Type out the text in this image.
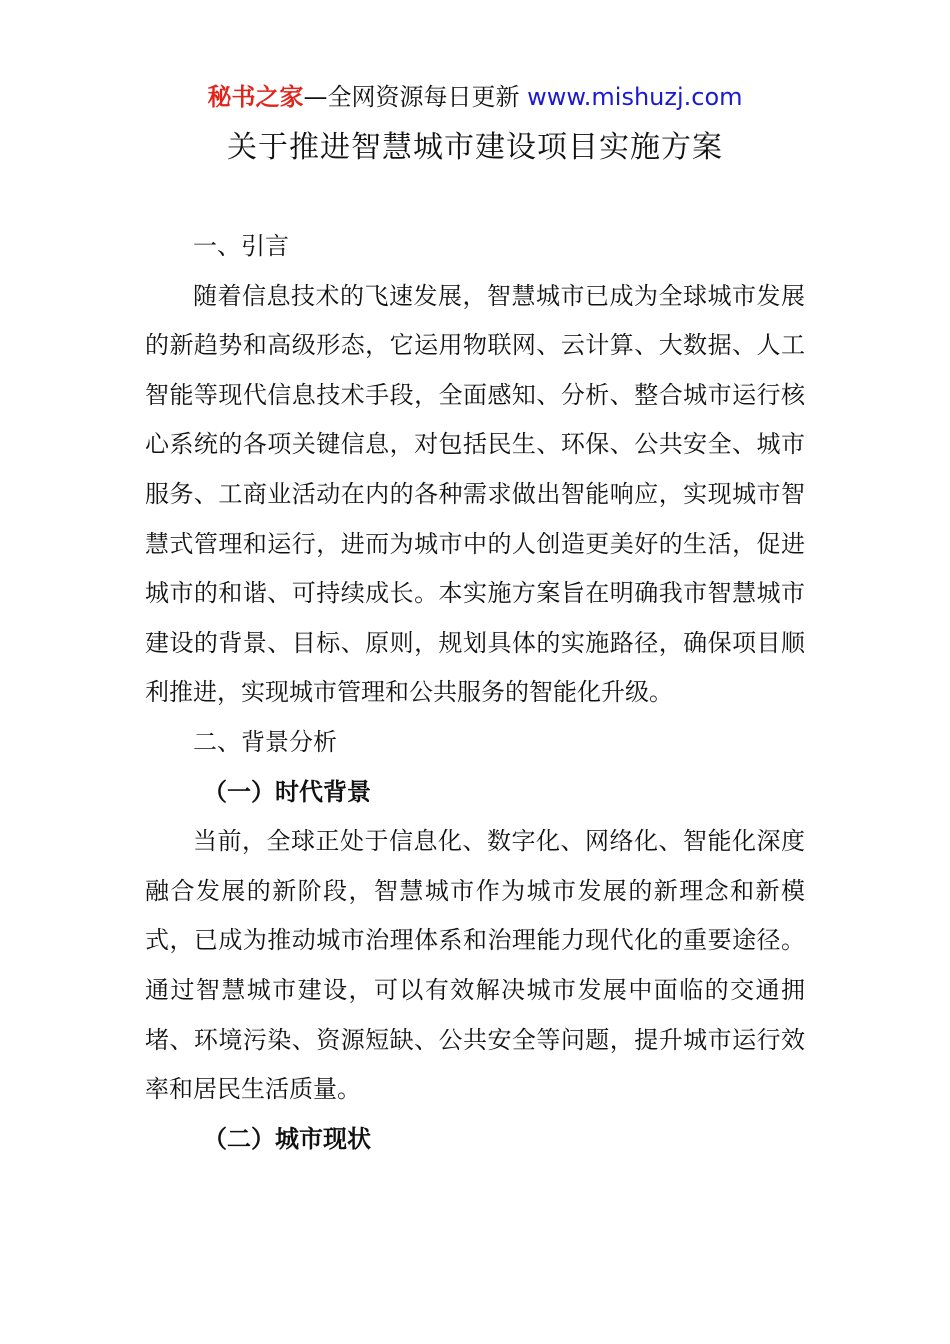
秘书之家—全网资源每日更新 www.mishuzj.com
关于推进智慧城市建设项目实施方案

一、引言

随着信息技术的飞速发展，智慧城市已成为全球城市发展的新趋势和高级形态，它运用物联网、云计算、大数据、人工智能等现代信息技术手段，全面感知、分析、整合城市运行核心系统的各项关键信息，对包括民生、环保、公共安全、城市服务、工商业活动在内的各种需求做出智能响应，实现城市智慧式管理和运行，进而为城市中的人创造更美好的生活，促进城市的和谐、可持续成长。本实施方案旨在明确我市智慧城市建设的背景、目标、原则，规划具体的实施路径，确保项目顺利推进，实现城市管理和公共服务的智能化升级。

二、背景分析

（一）时代背景

当前，全球正处于信息化、数字化、网络化、智能化深度融合发展的新阶段，智慧城市作为城市发展的新理念和新模式，已成为推动城市治理体系和治理能力现代化的重要途径。通过智慧城市建设，可以有效解决城市发展中面临的交通拥堵、环境污染、资源短缺、公共安全等问题，提升城市运行效率和居民生活质量。

（二）城市现状
